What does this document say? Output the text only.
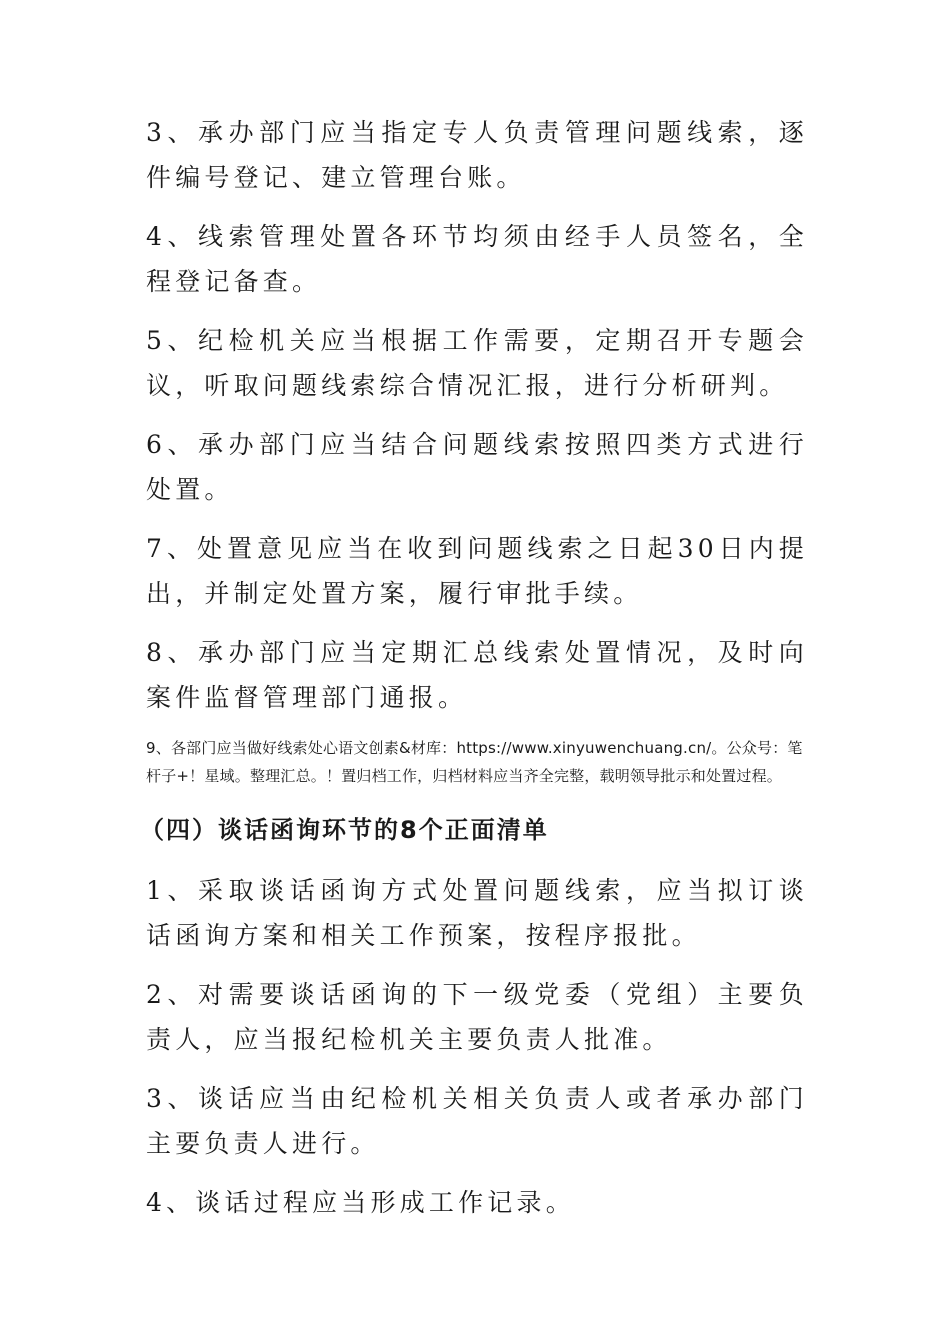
3、承办部门应当指定专人负责管理问题线索，逐件编号登记、建立管理台账。

4、线索管理处置各环节均须由经手人员签名，全程登记备查。

5、纪检机关应当根据工作需要，定期召开专题会议，听取问题线索综合情况汇报，进行分析研判。

6、承办部门应当结合问题线索按照四类方式进行处置。

7、处置意见应当在收到问题线索之日起30日内提出，并制定处置方案，履行审批手续。

8、承办部门应当定期汇总线索处置情况，及时向案件监督管理部门通报。

9、各部门应当做好线索处心语文创素&材库：https://www.xinyuwenchuang.cn/。公众号：笔杆子+！星域。整理汇总。！置归档工作，归档材料应当齐全完整，载明领导批示和处置过程。

（四）谈话函询环节的8个正面清单

1、采取谈话函询方式处置问题线索，应当拟订谈话函询方案和相关工作预案，按程序报批。

2、对需要谈话函询的下一级党委（党组）主要负责人，应当报纪检机关主要负责人批准。

3、谈话应当由纪检机关相关负责人或者承办部门主要负责人进行。

4、谈话过程应当形成工作记录。
